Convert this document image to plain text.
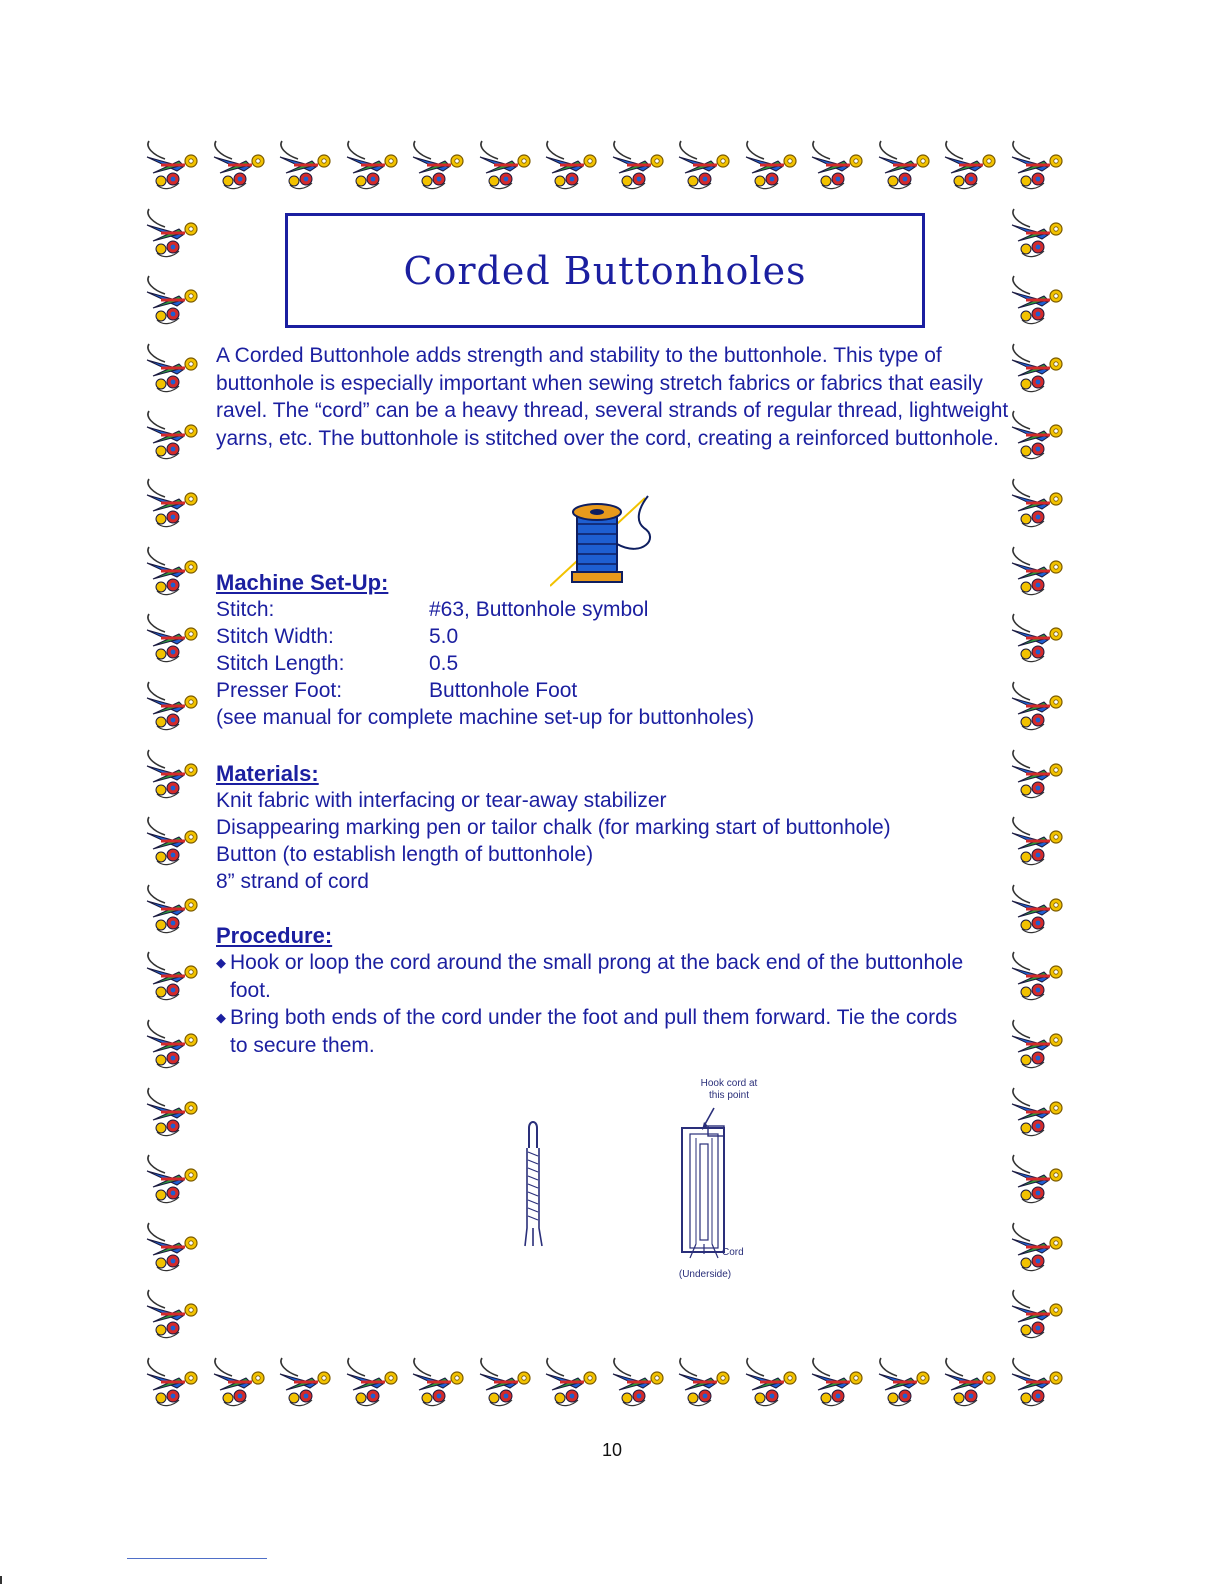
Corded Buttonholes

A Corded Buttonhole adds strength and stability to the buttonhole. This type of buttonhole is especially important when sewing stretch fabrics or fabrics that easily ravel. The “cord” can be a heavy thread, several strands of regular thread, lightweight yarns, etc. The buttonhole is stitched over the cord, creating a reinforced buttonhole.

Machine Set-Up:
Stitch:	#63, Buttonhole symbol
Stitch Width:	5.0
Stitch Length:	0.5
Presser Foot:	Buttonhole Foot
(see manual for complete machine set-up for buttonholes)
Materials:
Knit fabric with interfacing or tear-away stabilizer
Disappearing marking pen or tailor chalk (for marking start of buttonhole)
Button (to establish length of buttonhole)
8” strand of cord
Procedure:
◆ Hook or loop the cord around the small prong at the back end of the buttonhole foot.
◆ Bring both ends of the cord under the foot and pull them forward. Tie the cords to secure them.
Hook cord at
this point
Cord
(Underside)
10
